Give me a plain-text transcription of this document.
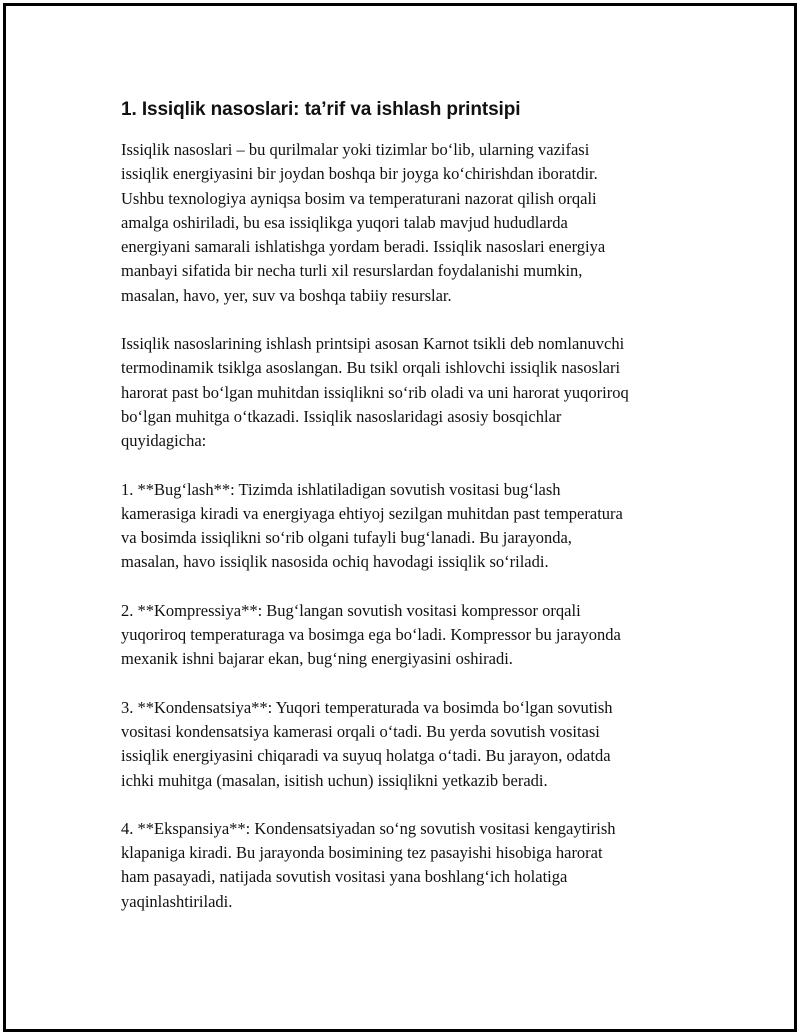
1. Issiqlik nasoslari: ta’rif va ishlash printsipi
Issiqlik nasoslari – bu qurilmalar yoki tizimlar bo‘lib, ularning vazifasi
issiqlik energiyasini bir joydan boshqa bir joyga ko‘chirishdan iboratdir.
Ushbu texnologiya ayniqsa bosim va temperaturani nazorat qilish orqali
amalga oshiriladi, bu esa issiqlikga yuqori talab mavjud hududlarda
energiyani samarali ishlatishga yordam beradi. Issiqlik nasoslari energiya
manbayi sifatida bir necha turli xil resurslardan foydalanishi mumkin,
masalan, havo, yer, suv va boshqa tabiiy resurslar.
Issiqlik nasoslarining ishlash printsipi asosan Karnot tsikli deb nomlanuvchi
termodinamik tsiklga asoslangan. Bu tsikl orqali ishlovchi issiqlik nasoslari
harorat past bo‘lgan muhitdan issiqlikni so‘rib oladi va uni harorat yuqoriroq
bo‘lgan muhitga o‘tkazadi. Issiqlik nasoslaridagi asosiy bosqichlar
quyidagicha:
1. **Bug‘lash**: Tizimda ishlatiladigan sovutish vositasi bug‘lash
kamerasiga kiradi va energiyaga ehtiyoj sezilgan muhitdan past temperatura
va bosimda issiqlikni so‘rib olgani tufayli bug‘lanadi. Bu jarayonda,
masalan, havo issiqlik nasosida ochiq havodagi issiqlik so‘riladi.
2. **Kompressiya**: Bug‘langan sovutish vositasi kompressor orqali
yuqoriroq temperaturaga va bosimga ega bo‘ladi. Kompressor bu jarayonda
mexanik ishni bajarar ekan, bug‘ning energiyasini oshiradi.
3. **Kondensatsiya**: Yuqori temperaturada va bosimda bo‘lgan sovutish
vositasi kondensatsiya kamerasi orqali o‘tadi. Bu yerda sovutish vositasi
issiqlik energiyasini chiqaradi va suyuq holatga o‘tadi. Bu jarayon, odatda
ichki muhitga (masalan, isitish uchun) issiqlikni yetkazib beradi.
4. **Ekspansiya**: Kondensatsiyadan so‘ng sovutish vositasi kengaytirish
klapaniga kiradi. Bu jarayonda bosimining tez pasayishi hisobiga harorat
ham pasayadi, natijada sovutish vositasi yana boshlang‘ich holatiga
yaqinlashtiriladi.
